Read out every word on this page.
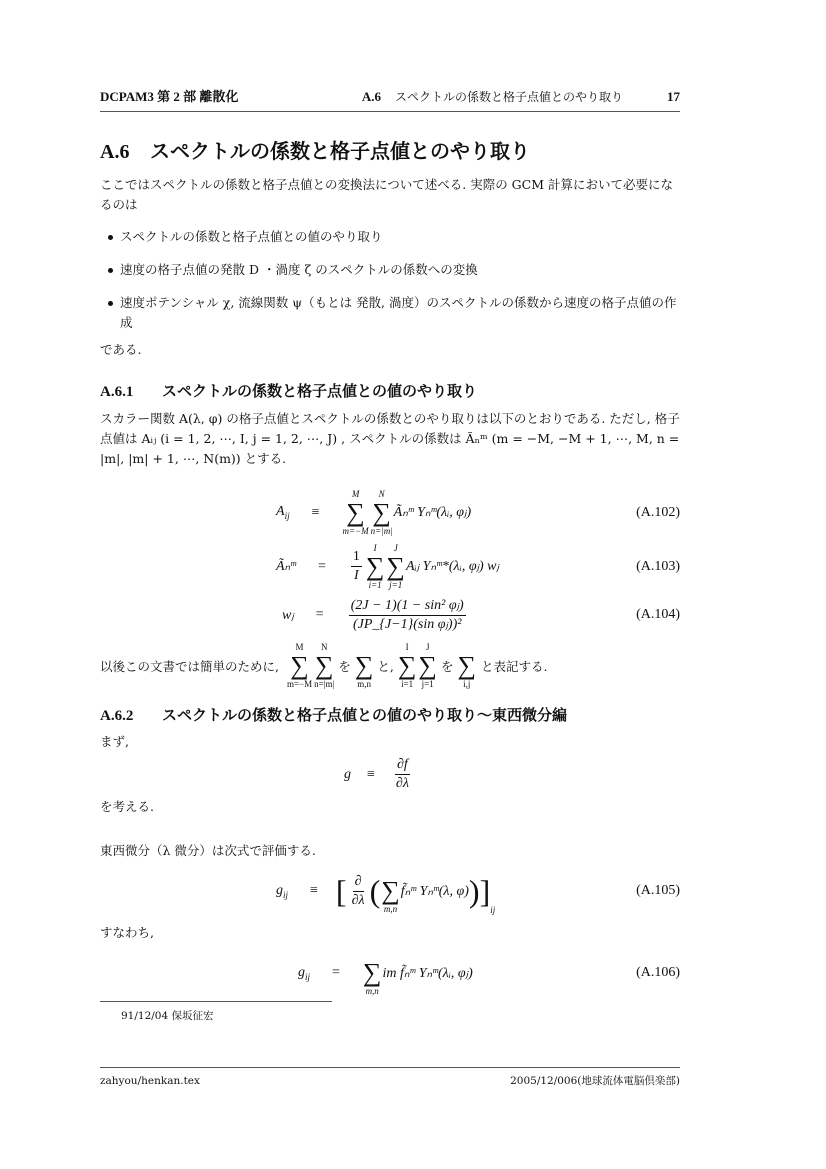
DCPAM3 第 2 部 離散化	A.6 スペクトルの係数と格子点値とのやり取り	17
A.6	スペクトルの係数と格子点値とのやり取り
ここではスペクトルの係数と格子点値との変換法について述べる. 実際の GCM 計算において必要になるのは
スペクトルの係数と格子点値との値のやり取り
速度の格子点値の発散 D ・渦度 ζ のスペクトルの係数への変換
速度ポテンシャル χ, 流線関数 ψ（もとは 発散, 渦度）のスペクトルの係数から速度の格子点値の作成
である.
A.6.1	スペクトルの係数と格子点値との値のやり取り
スカラー関数 A(λ, φ) の格子点値とスペクトルの係数とのやり取りは以下のとおりである. ただし, 格子点値は Aᵢⱼ (i = 1, 2, ⋯, I, j = 1, 2, ⋯, J) , スペクトルの係数は Ãₙᵐ (m = −M, −M + 1, ⋯, M, n = |m|, |m| + 1, ⋯, N(m)) とする.
$A_{ij}$ ≡
M
∑
m=−M
N
∑
n=|m|
Ãₙᵐ Yₙᵐ(λᵢ, φⱼ)	(A.102)
Ãₙᵐ = $\frac{1}{I}$
I
∑
i=1
J
∑
j=1
Aᵢⱼ Yₙᵐ*(λᵢ, φⱼ) wⱼ	(A.103)
wⱼ = $\frac{\text{(2J − 1)(1 − sin² φⱼ)}}{\text{(JP\_\{J−1\}(sin φⱼ))²}}$	(A.104)
以後この文書では簡単のために,
M
∑
m=−M
N
∑
n=|m|
を
∑
m,n
と,
I
∑
i=1
J
∑
j=1
を
∑
i,j
と表記する.
A.6.2	スペクトルの係数と格子点値との値のやり取り〜東西微分編
まず,
$g \equiv \frac{\partial f}{\partial\lambda}$
を考える.
東西微分（λ 微分）は次式で評価する.
$g_{ij}$ ≡ [ $\frac{\partial}{\partial\lambda}$ (
∑
m,n
f̃ₙᵐ Yₙᵐ(λ, φ) ) ]
$_{ij}$
(A.105)
すなわち,
$g_{ij}$ =
∑
m,n
im f̃ₙᵐ Yₙᵐ(λᵢ, φⱼ)	(A.106)
91/12/04 保坂征宏
zahyou/henkan.tex	2005/12/006(地球流体電脳倶楽部)
